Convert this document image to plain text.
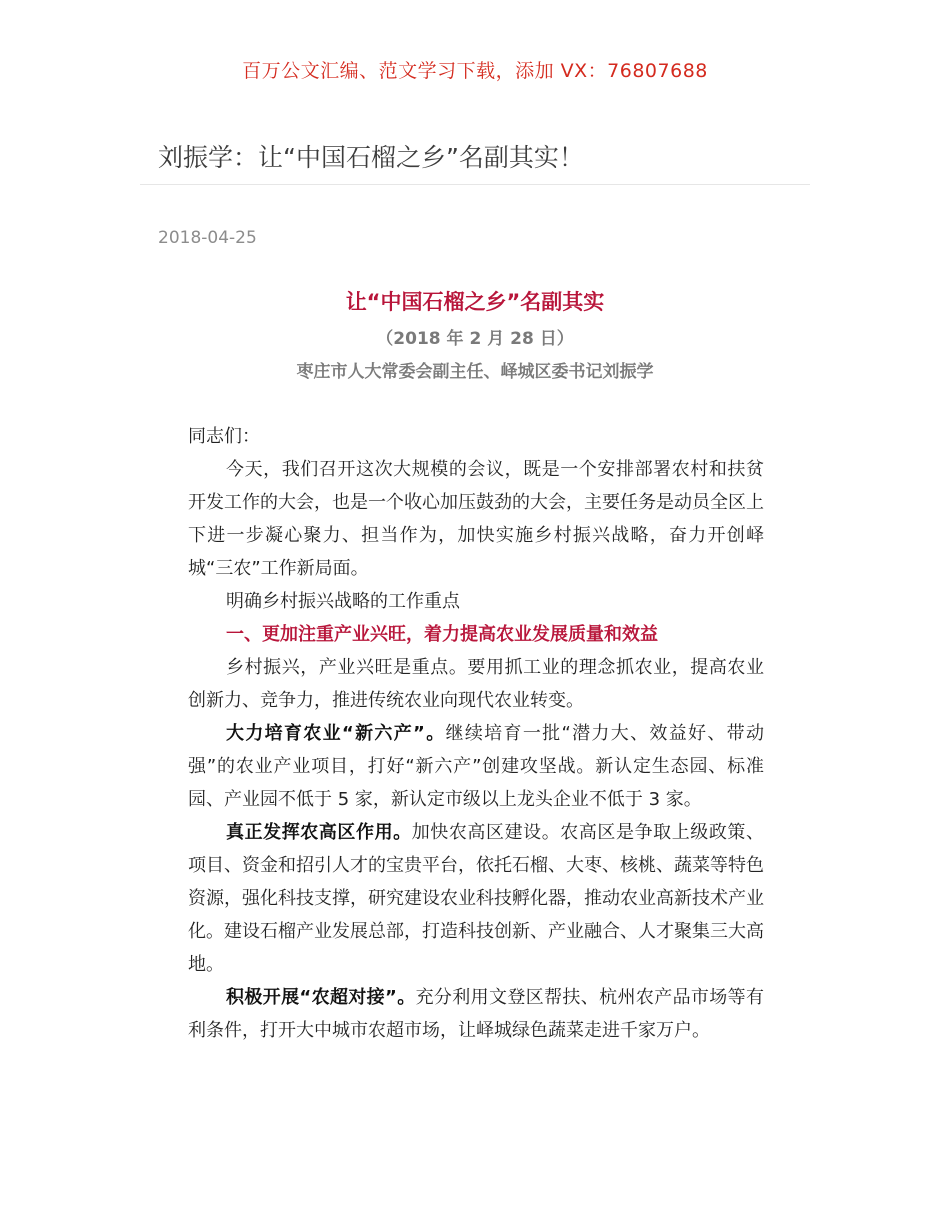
百万公文汇编、范文学习下载，添加 VX：76807688
刘振学：让“中国石榴之乡”名副其实！
2018-04-25
让“中国石榴之乡”名副其实
（2018 年 2 月 28 日）
枣庄市人大常委会副主任、峄城区委书记刘振学

同志们：

今天，我们召开这次大规模的会议，既是一个安排部署农村和扶贫开发工作的大会，也是一个收心加压鼓劲的大会，主要任务是动员全区上下进一步凝心聚力、担当作为，加快实施乡村振兴战略，奋力开创峄城“三农”工作新局面。

明确乡村振兴战略的工作重点

一、更加注重产业兴旺，着力提高农业发展质量和效益

乡村振兴，产业兴旺是重点。要用抓工业的理念抓农业，提高农业创新力、竞争力，推进传统农业向现代农业转变。

大力培育农业“新六产”。继续培育一批“潜力大、效益好、带动强”的农业产业项目，打好“新六产”创建攻坚战。新认定生态园、标准园、产业园不低于 5 家，新认定市级以上龙头企业不低于 3 家。

真正发挥农高区作用。加快农高区建设。农高区是争取上级政策、项目、资金和招引人才的宝贵平台，依托石榴、大枣、核桃、蔬菜等特色资源，强化科技支撑，研究建设农业科技孵化器，推动农业高新技术产业化。建设石榴产业发展总部，打造科技创新、产业融合、人才聚集三大高地。

积极开展“农超对接”。充分利用文登区帮扶、杭州农产品市场等有利条件，打开大中城市农超市场，让峄城绿色蔬菜走进千家万户。
